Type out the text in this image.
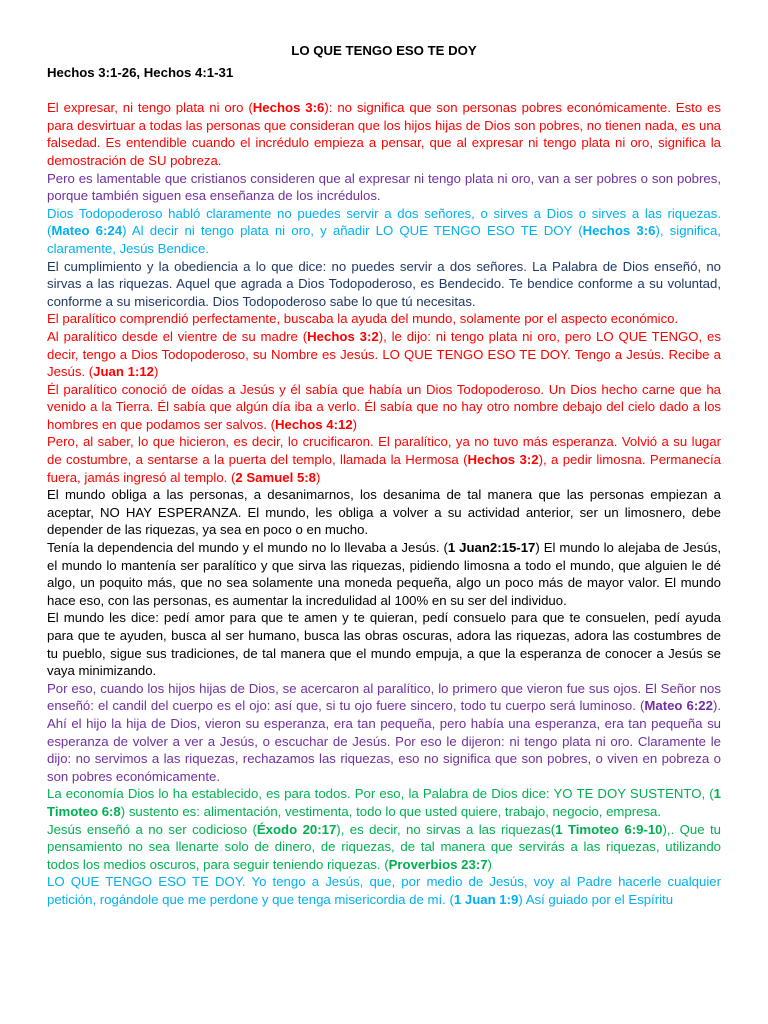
LO QUE TENGO ESO TE DOY
Hechos 3:1-26, Hechos 4:1-31

El expresar, ni tengo plata ni oro (Hechos 3:6): no significa que son personas pobres económicamente. Esto es para desvirtuar a todas las personas que consideran que los hijos hijas de Dios son pobres, no tienen nada, es una falsedad. Es entendible cuando el incrédulo empieza a pensar, que al expresar ni tengo plata ni oro, significa la demostración de SU pobreza.

Pero es lamentable que cristianos consideren que al expresar ni tengo plata ni oro, van a ser pobres o son pobres, porque también siguen esa enseñanza de los incrédulos.

Dios Todopoderoso habló claramente no puedes servir a dos señores, o sirves a Dios o sirves a las riquezas. (Mateo 6:24) Al decir ni tengo plata ni oro, y añadir LO QUE TENGO ESO TE DOY (Hechos 3:6), significa, claramente, Jesús Bendice.

El cumplimiento y la obediencia a lo que dice: no puedes servir a dos señores. La Palabra de Dios enseñó, no sirvas a las riquezas. Aquel que agrada a Dios Todopoderoso, es Bendecido. Te bendice conforme a su voluntad, conforme a su misericordia. Dios Todopoderoso sabe lo que tú necesitas.

El paralítico comprendió perfectamente, buscaba la ayuda del mundo, solamente por el aspecto económico.

Al paralítico desde el vientre de su madre (Hechos 3:2), le dijo: ni tengo plata ni oro, pero LO QUE TENGO, es decir, tengo a Dios Todopoderoso, su Nombre es Jesús. LO QUE TENGO ESO TE DOY. Tengo a Jesús. Recibe a Jesús. (Juan 1:12)

Él paralítico conoció de oídas a Jesús y él sabía que había un Dios Todopoderoso. Un Dios hecho carne que ha venido a la Tierra. Él sabía que algún día iba a verlo. Él sabía que no hay otro nombre debajo del cielo dado a los hombres en que podamos ser salvos. (Hechos 4:12)

Pero, al saber, lo que hicieron, es decir, lo crucificaron. El paralítico, ya no tuvo más esperanza. Volvió a su lugar de costumbre, a sentarse a la puerta del templo, llamada la Hermosa (Hechos 3:2), a pedir limosna. Permanecía fuera, jamás ingresó al templo. (2 Samuel 5:8)

El mundo obliga a las personas, a desanimarnos, los desanima de tal manera que las personas empiezan a aceptar, NO HAY ESPERANZA. El mundo, les obliga a volver a su actividad anterior, ser un limosnero, debe depender de las riquezas, ya sea en poco o en mucho.

Tenía la dependencia del mundo y el mundo no lo llevaba a Jesús. (1 Juan2:15-17) El mundo lo alejaba de Jesús, el mundo lo mantenía ser paralítico y que sirva las riquezas, pidiendo limosna a todo el mundo, que alguien le dé algo, un poquito más, que no sea solamente una moneda pequeña, algo un poco más de mayor valor. El mundo hace eso, con las personas, es aumentar la incredulidad al 100% en su ser del individuo.

El mundo les dice: pedí amor para que te amen y te quieran, pedí consuelo para que te consuelen, pedí ayuda para que te ayuden, busca al ser humano, busca las obras oscuras, adora las riquezas, adora las costumbres de tu pueblo, sigue sus tradiciones, de tal manera que el mundo empuja, a que la esperanza de conocer a Jesús se vaya minimizando.

Por eso, cuando los hijos hijas de Dios, se acercaron al paralítico, lo primero que vieron fue sus ojos. El Señor nos enseñó: el candil del cuerpo es el ojo: así que, si tu ojo fuere sincero, todo tu cuerpo será luminoso. (Mateo 6:22). Ahí el hijo la hija de Dios, vieron su esperanza, era tan pequeña, pero había una esperanza, era tan pequeña su esperanza de volver a ver a Jesús, o escuchar de Jesús. Por eso le dijeron: ni tengo plata ni oro. Claramente le dijo: no servimos a las riquezas, rechazamos las riquezas, eso no significa que son pobres, o viven en pobreza o son pobres económicamente.

La economía Dios lo ha establecido, es para todos. Por eso, la Palabra de Dios dice: YO TE DOY SUSTENTO, (1 Timoteo 6:8) sustento es: alimentación, vestimenta, todo lo que usted quiere, trabajo, negocio, empresa.

Jesús enseñó a no ser codicioso (Éxodo 20:17), es decir, no sirvas a las riquezas(1 Timoteo 6:9-10),. Que tu pensamiento no sea llenarte solo de dinero, de riquezas, de tal manera que servirás a las riquezas, utilizando todos los medios oscuros, para seguir teniendo riquezas. (Proverbios 23:7)

LO QUE TENGO ESO TE DOY. Yo tengo a Jesús, que, por medio de Jesús, voy al Padre hacerle cualquier petición, rogándole que me perdone y que tenga misericordia de mí. (1 Juan 1:9) Así guiado por el Espíritu
